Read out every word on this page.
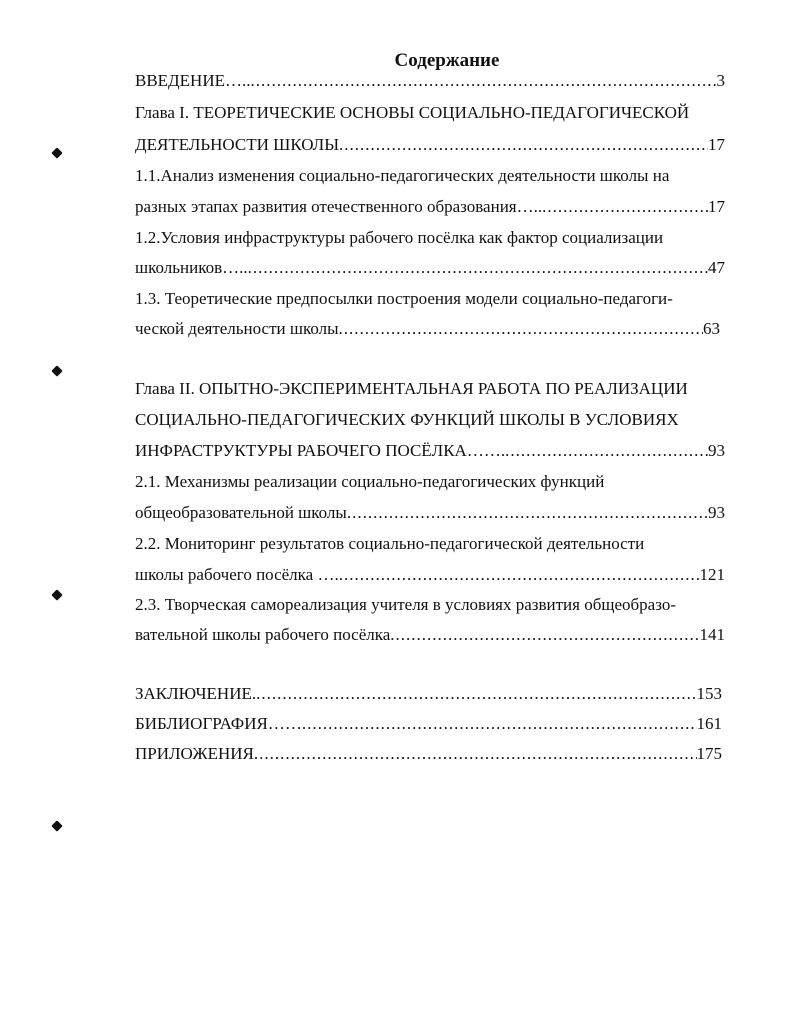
Содержание
ВВЕДЕНИЕ….. .....	3
Глава I. ТЕОРЕТИЧЕСКИЕ ОСНОВЫ СОЦИАЛЬНО-ПЕДАГОГИЧЕСКОЙ
ДЕЯТЕЛЬНОСТИ ШКОЛЫ .....	17
1.1.Анализ изменения социально-педагогических деятельности школы на
разных этапах развития отечественного образования….. .....	17
1.2.Условия инфраструктуры рабочего посёлка как фактор социализации
школьников….. .....	47
1.3. Теоретические предпосылки построения модели социально-педагоги-
ческой деятельности школы .....	63
Глава II. ОПЫТНО-ЭКСПЕРИМЕНТАЛЬНАЯ РАБОТА ПО РЕАЛИЗАЦИИ
СОЦИАЛЬНО-ПЕДАГОГИЧЕСКИХ ФУНКЦИЙ ШКОЛЫ В УСЛОВИЯХ
ИНФРАСТРУКТУРЫ РАБОЧЕГО ПОСЁЛКА……. .....	93
2.1. Механизмы реализации социально-педагогических функций
общеобразовательной школы .....	93
2.2. Мониторинг результатов социально-педагогической деятельности
школы рабочего посёлка …. .....	121
2.3. Творческая самореализация учителя в условиях развития общеобразо-
вательной школы рабочего посёлка .....	141
ЗАКЛЮЧЕНИЕ. .....	153
БИБЛИОГРАФИЯ…… .....	161
ПРИЛОЖЕНИЯ .....	175
